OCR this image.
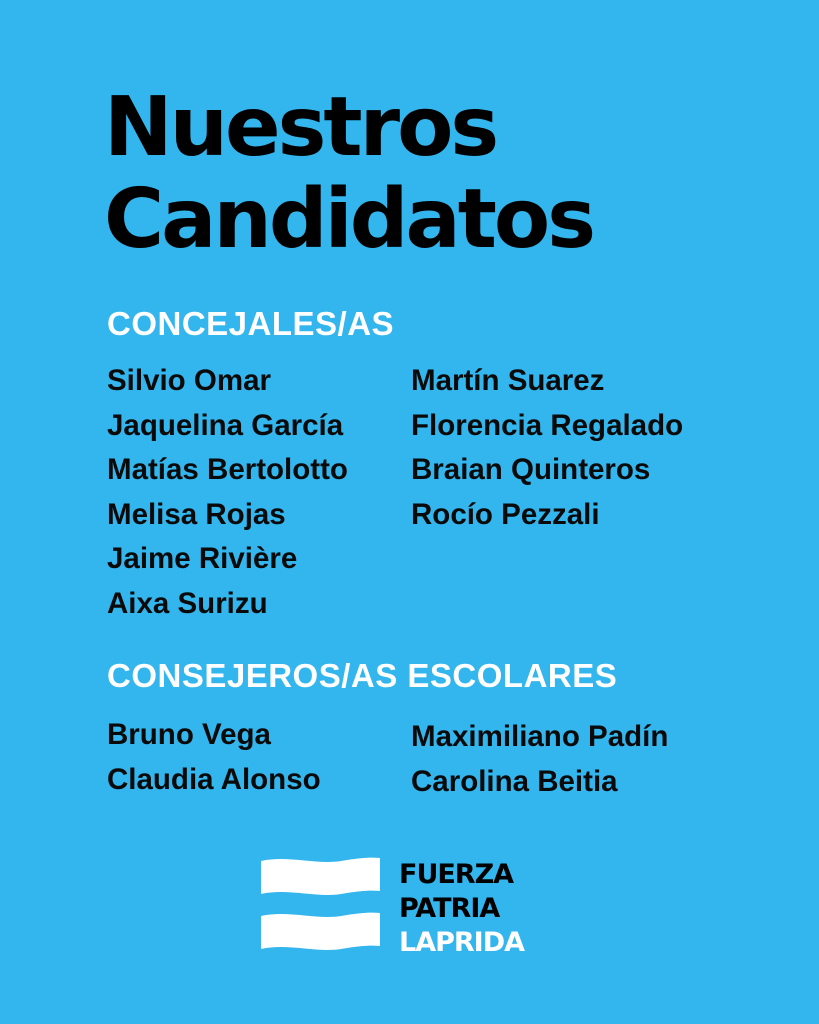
Nuestros
Candidatos
CONCEJALES/AS
Silvio Omar
Jaquelina García
Matías Bertolotto
Melisa Rojas
Jaime Rivière
Aixa Surizu
Martín Suarez
Florencia Regalado
Braian Quinteros
Rocío Pezzali
CONSEJEROS/AS ESCOLARES
Bruno Vega
Claudia Alonso
Maximiliano Padín
Carolina Beitia
FUERZA
PATRIA
LAPRIDA
